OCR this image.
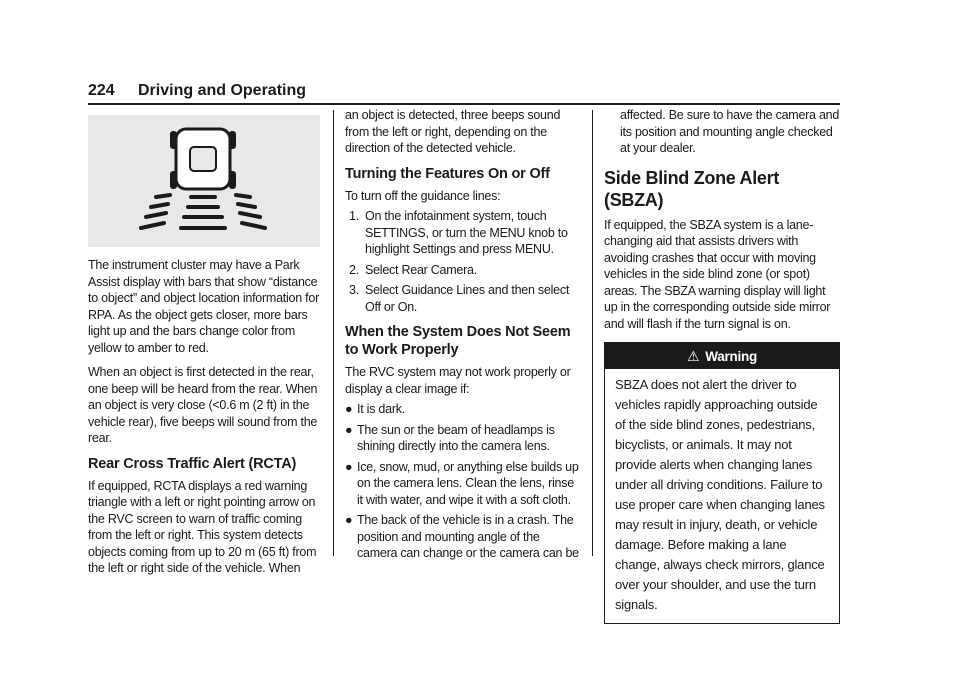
224 Driving and Operating

The instrument cluster may have a Park Assist display with bars that show “distance to object” and object location information for RPA. As the object gets closer, more bars light up and the bars change color from yellow to amber to red.

When an object is first detected in the rear, one beep will be heard from the rear. When an object is very close (<0.6 m (2 ft) in the vehicle rear), five beeps will sound from the rear.

Rear Cross Traffic Alert (RCTA)

If equipped, RCTA displays a red warning triangle with a left or right pointing arrow on the RVC screen to warn of traffic coming from the left or right. This system detects objects coming from up to 20 m (65 ft) from the left or right side of the vehicle. When

an object is detected, three beeps sound from the left or right, depending on the direction of the detected vehicle.

Turning the Features On or Off

To turn off the guidance lines:

1. On the infotainment system, touch SETTINGS, or turn the MENU knob to highlight Settings and press MENU.
2. Select Rear Camera.
3. Select Guidance Lines and then select Off or On.
When the System Does Not Seem to Work Properly

The RVC system may not work properly or display a clear image if:

● It is dark.
● The sun or the beam of headlamps is shining directly into the camera lens.
● Ice, snow, mud, or anything else builds up on the camera lens. Clean the lens, rinse it with water, and wipe it with a soft cloth.
● The back of the vehicle is in a crash. The position and mounting angle of the camera can change or the camera can be

affected. Be sure to have the camera and its position and mounting angle checked at your dealer.

Side Blind Zone Alert (SBZA)

If equipped, the SBZA system is a lane-changing aid that assists drivers with avoiding crashes that occur with moving vehicles in the side blind zone (or spot) areas. The SBZA warning display will light up in the corresponding outside side mirror and will flash if the turn signal is on.

⚠ Warning
SBZA does not alert the driver to vehicles rapidly approaching outside of the side blind zones, pedestrians, bicyclists, or animals. It may not provide alerts when changing lanes under all driving conditions. Failure to use proper care when changing lanes may result in injury, death, or vehicle damage. Before making a lane change, always check mirrors, glance over your shoulder, and use the turn signals.
